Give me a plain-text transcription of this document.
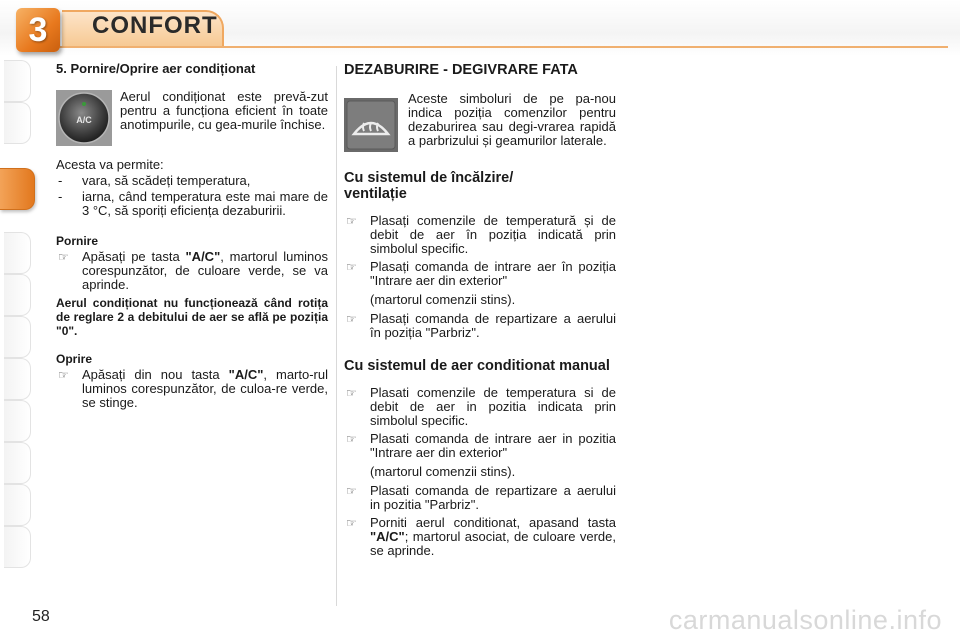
3	CONFORT

5. Pornire/Oprire aer condiționat

A/C

Aerul condiționat este prevă-zut pentru a funcționa eficient în toate anotimpurile, cu gea-murile închise.

Acesta va permite:

- vara, să scădeți temperatura,
- iarna, când temperatura este mai mare de 3 °C, să sporiți eficiența dezaburirii.

Pornire

☞ Apăsați pe tasta "A/C", martorul luminos corespunzător, de culoare verde, se va aprinde.

Aerul condiționat nu funcționează când rotița de reglare 2 a debitului de aer se află pe poziția "0".

Oprire

☞ Apăsați din nou tasta "A/C", marto-rul luminos corespunzător, de culoa-re verde, se stinge.

DEZABURIRE - DEGIVRARE FATA

Aceste simboluri de pe pa-nou indica poziția comenzilor pentru dezaburirea sau degi-vrarea rapidă a parbrizului și geamurilor laterale.

Cu sistemul de încălzire/ ventilație

☞ Plasați comenzile de temperatură și de debit de aer în poziția indicată prin simbolul specific.
☞ Plasați comanda de intrare aer în poziția "Intrare aer din exterior"

(martorul comenzii stins).

☞ Plasați comanda de repartizare a aerului în poziția "Parbriz".

Cu sistemul de aer conditionat manual

☞ Plasati comenzile de temperatura si de debit de aer in pozitia indicata prin simbolul specific.
☞ Plasati comanda de intrare aer in pozitia "Intrare aer din exterior"

(martorul comenzii stins).

☞ Plasati comanda de repartizare a aerului in pozitia "Parbriz".
☞ Porniti aerul conditionat, apasand tasta "A/C"; martorul asociat, de culoare verde, se aprinde.
58	carmanualsonline.info
